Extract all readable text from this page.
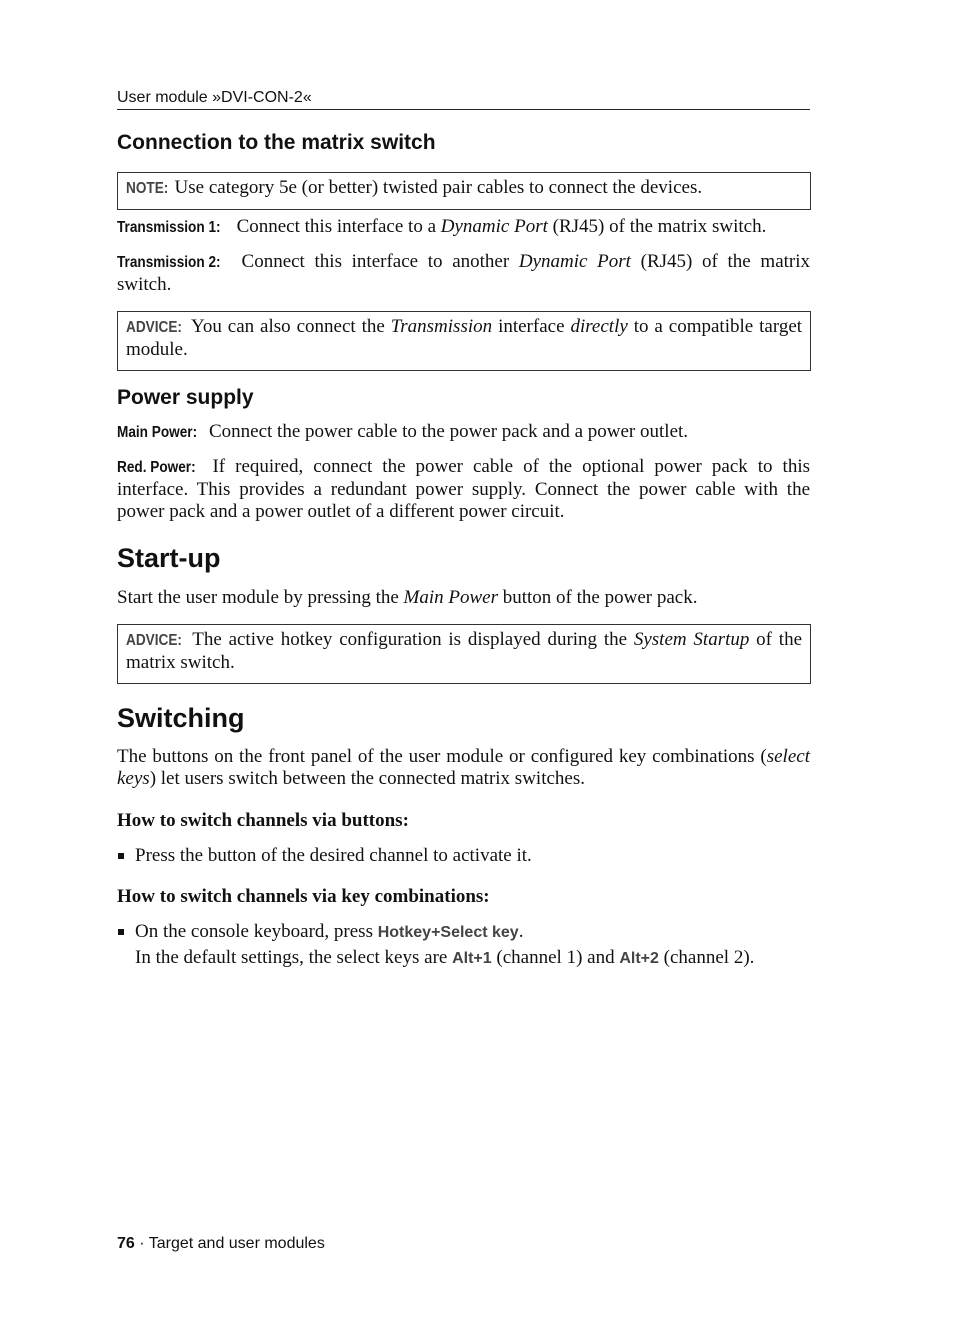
User module »DVI-CON-2«
Connection to the matrix switch
NOTE: Use category 5e (or better) twisted pair cables to connect the devices.
Transmission 1: Connect this interface to a Dynamic Port (RJ45) of the matrix switch.
Transmission 2: Connect this interface to another Dynamic Port (RJ45) of the matrix switch.
ADVICE: You can also connect the Transmission interface directly to a compatible target module.
Power supply
Main Power: Connect the power cable to the power pack and a power outlet.
Red. Power: If required, connect the power cable of the optional power pack to this interface. This provides a redundant power supply. Connect the power cable with the power pack and a power outlet of a different power circuit.
Start-up
Start the user module by pressing the Main Power button of the power pack.
ADVICE: The active hotkey configuration is displayed during the System Startup of the matrix switch.
Switching
The buttons on the front panel of the user module or configured key combinations (select keys) let users switch between the connected matrix switches.
How to switch channels via buttons:
Press the button of the desired channel to activate it.
How to switch channels via key combinations:
On the console keyboard, press Hotkey+Select key.
In the default settings, the select keys are Alt+1 (channel 1) and Alt+2 (channel 2).
76 · Target and user modules
